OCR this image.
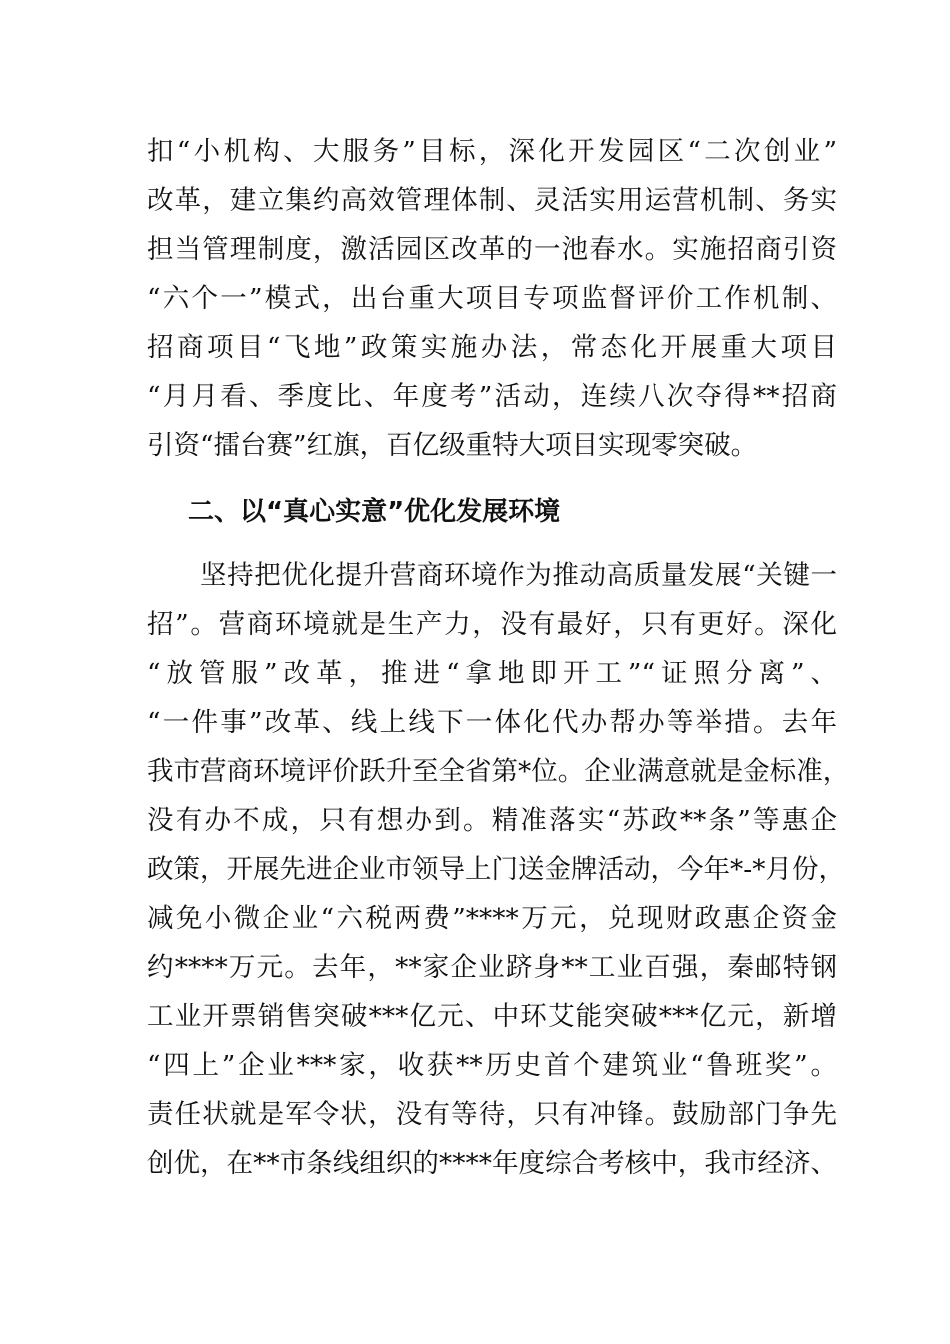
扣“小机构、大服务”目标，深化开发园区“二次创业”
改革，建立集约高效管理体制、灵活实用运营机制、务实
担当管理制度，激活园区改革的一池春水。实施招商引资
“六个一”模式，出台重大项目专项监督评价工作机制、
招商项目“飞地”政策实施办法，常态化开展重大项目
“月月看、季度比、年度考”活动，连续八次夺得**招商
引资“擂台赛”红旗，百亿级重特大项目实现零突破。
二、以“真心实意”优化发展环境
坚持把优化提升营商环境作为推动高质量发展“关键一
招”。营商环境就是生产力，没有最好，只有更好。深化
“放管服”改革，推进“拿地即开工”“证照分离”、
“一件事”改革、线上线下一体化代办帮办等举措。去年
我市营商环境评价跃升至全省第*位。企业满意就是金标准，
没有办不成，只有想办到。精准落实“苏政**条”等惠企
政策，开展先进企业市领导上门送金牌活动，今年*-*月份，
减免小微企业“六税两费”****万元，兑现财政惠企资金
约****万元。去年，**家企业跻身**工业百强，秦邮特钢
工业开票销售突破***亿元、中环艾能突破***亿元，新增
“四上”企业***家，收获**历史首个建筑业“鲁班奖”。
责任状就是军令状，没有等待，只有冲锋。鼓励部门争先
创优，在**市条线组织的****年度综合考核中，我市经济、
